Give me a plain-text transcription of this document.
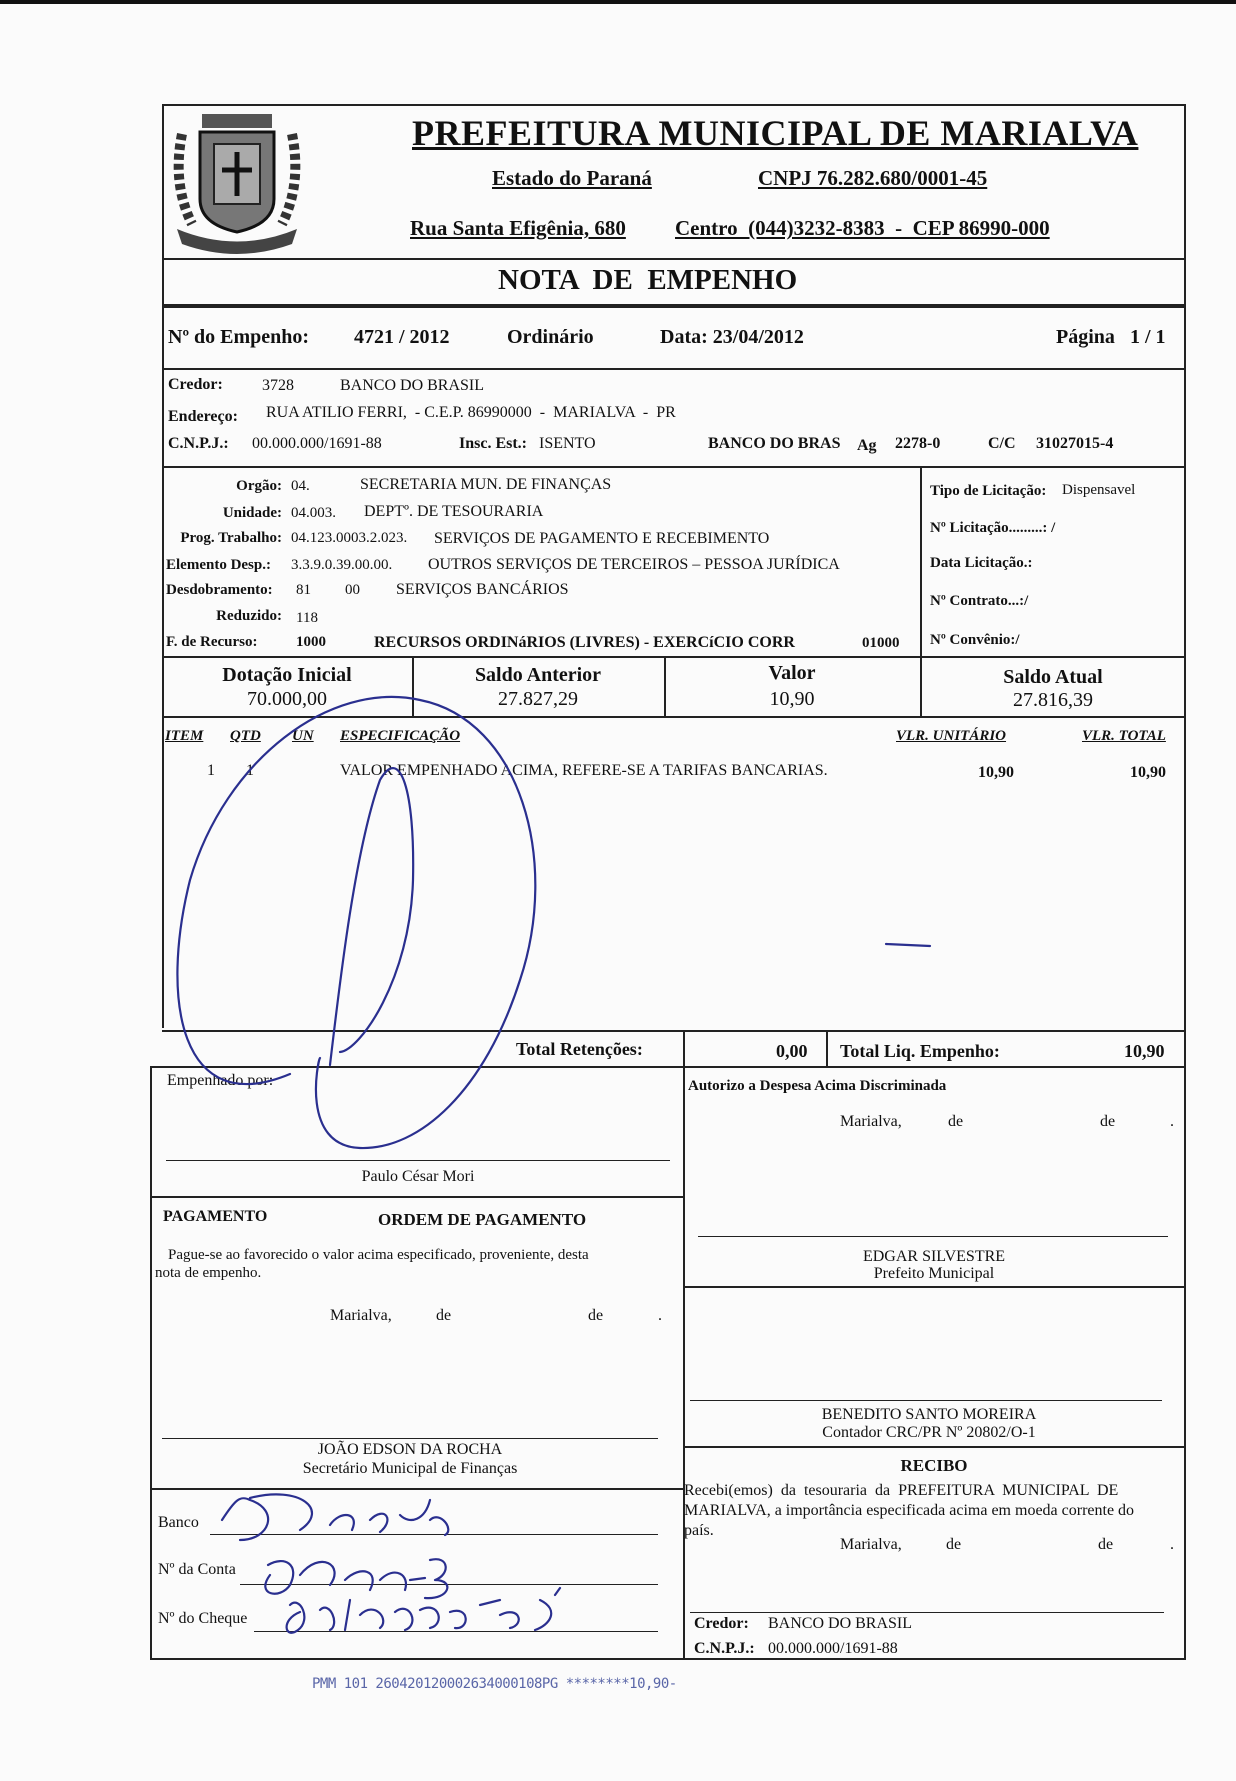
PREFEITURA MUNICIPAL DE MARIALVA
Estado do Paraná	CNPJ 76.282.680/0001-45
Rua Santa Efigênia, 680 Centro  (044)3232-8383  -  CEP 86990-000
NOTA  DE  EMPENHO
Nº do Empenho: 4721 / 2012	Ordinário	Data: 23/04/2012	Página 1 / 1
Credor: 3728	BANCO DO BRASIL
Endereço: RUA ATILIO FERRI,  - C.E.P. 86990000  -  MARIALVA  -  PR
C.N.P.J.: 00.000.000/1691-88	Insc. Est.: ISENTO	BANCO DO BRAS Ag 2278-0	C/C 31027015-4
Orgão: 04.	SECRETARIA MUN. DE FINANÇAS
Unidade: 04.003. DEPTº. DE TESOURARIA
Prog. Trabalho: 04.123.0003.2.023. SERVIÇOS DE PAGAMENTO E RECEBIMENTO
Elemento Desp.: 3.3.9.0.39.00.00. OUTROS SERVIÇOS DE TERCEIROS – PESSOA JURÍDICA
Desdobramento: 81 00 SERVIÇOS BANCÁRIOS
Reduzido: 118
F. de Recurso:	1000	RECURSOS ORDINáRIOS (LIVRES) - EXERCíCIO CORR	01000
Tipo de Licitação: Dispensavel
Nº Licitação.........: /
Data Licitação.:
Nº Contrato...:/
Nº Convênio:/
Dotação Inicial
70.000,00
Saldo Anterior
27.827,29
Valor
10,90
Saldo Atual
27.816,39
ITEM QTD UN ESPECIFICAÇÃO	VLR. UNITÁRIO	VLR. TOTAL
1 1	VALOR EMPENHADO ACIMA, REFERE-SE A TARIFAS BANCARIAS.	10,90	10,90
Total Retenções:	0,00 Total Liq. Empenho:	10,90
Empenhado por:
Paulo César Mori
PAGAMENTO	ORDEM DE PAGAMENTO
Pague-se ao favorecido o valor acima especificado, proveniente, desta
nota de empenho.
Marialva,	de	de	.
JOÃO EDSON DA ROCHA
Secretário Municipal de Finanças
Banco
Nº da Conta
Nº do Cheque
Autorizo a Despesa Acima Discriminada
Marialva,	de	de	.
EDGAR SILVESTRE
Prefeito Municipal
BENEDITO SANTO MOREIRA
Contador CRC/PR Nº 20802/O-1
RECIBO
Recebi(emos)  da  tesouraria  da  PREFEITURA  MUNICIPAL  DE
MARIALVA, a importância especificada acima em moeda corrente do
país.
Marialva,	de	de	.
Credor: BANCO DO BRASIL
C.N.P.J.: 00.000.000/1691-88
PMM 101 260420120002634000108PG ********10,90-
